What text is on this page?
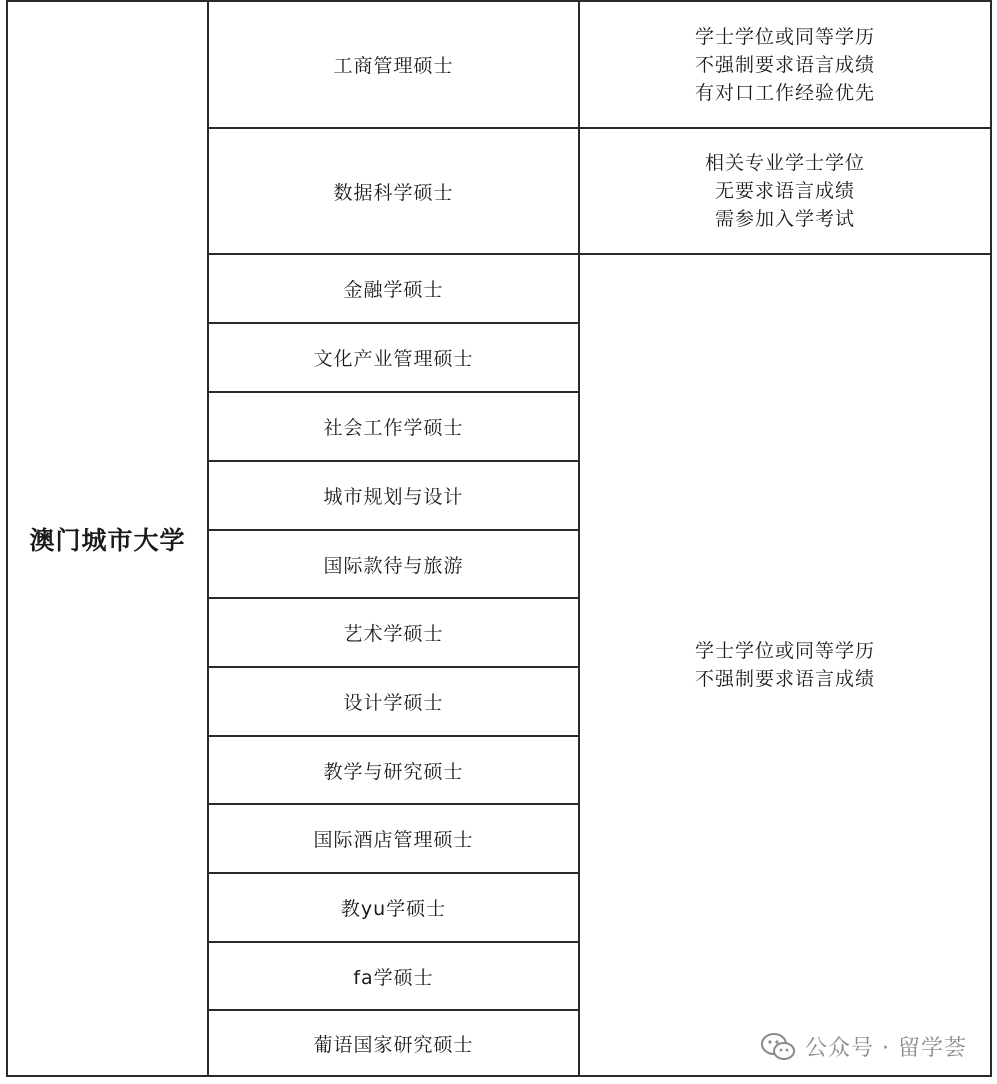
澳门城市大学
工商管理硕士
数据科学硕士
金融学硕士
文化产业管理硕士
社会工作学硕士
城市规划与设计
国际款待与旅游
艺术学硕士
设计学硕士
教学与研究硕士
国际酒店管理硕士
教yu学硕士
fa学硕士
葡语国家研究硕士
学士学位或同等学历
不强制要求语言成绩
有对口工作经验优先
相关专业学士学位
无要求语言成绩
需参加入学考试
学士学位或同等学历
不强制要求语言成绩
公众号 · 留学荟
